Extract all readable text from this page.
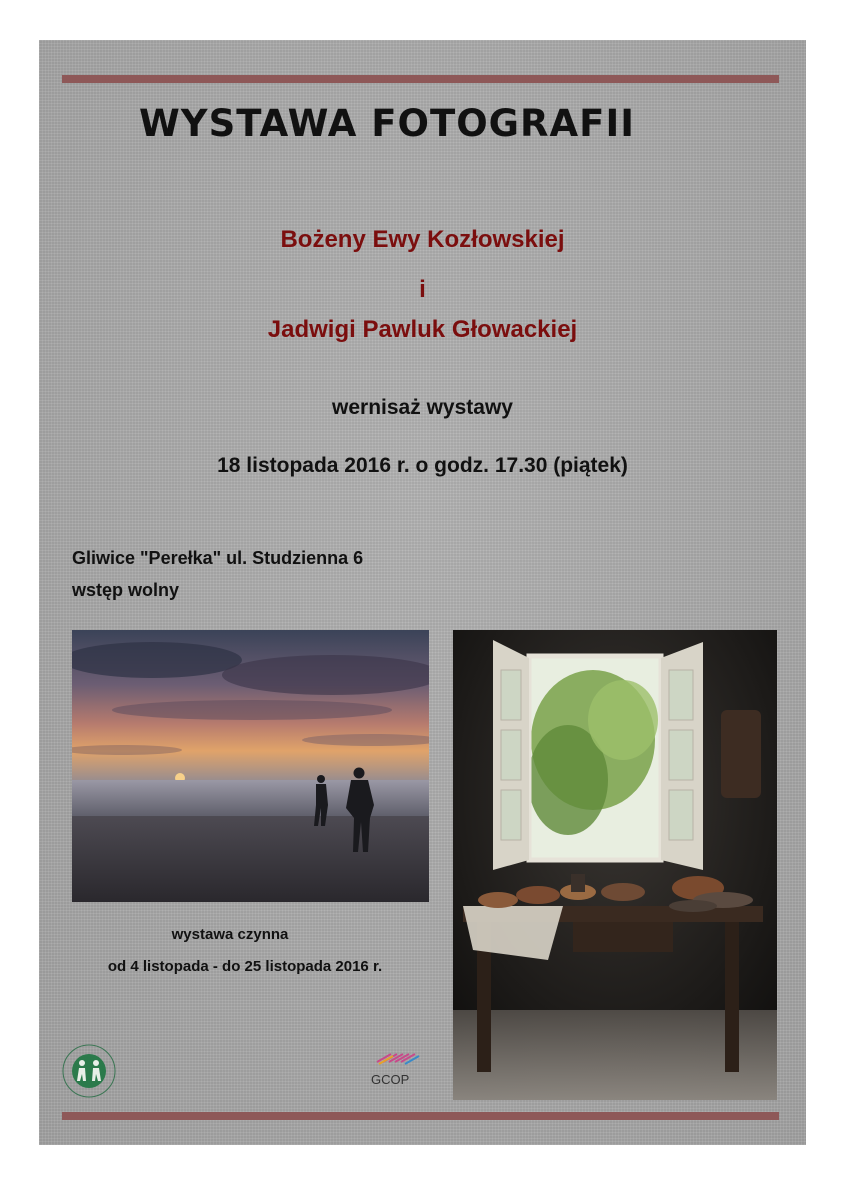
WYSTAWA FOTOGRAFII
Bożeny Ewy Kozłowskiej
i
Jadwigi Pawluk Głowackiej
wernisaż wystawy
18 listopada 2016 r. o godz. 17.30 (piątek)
Gliwice "Perełka" ul. Studzienna 6
wstęp wolny
wystawa czynna
od 4 listopada - do 25 listopada 2016 r.
GCOP
